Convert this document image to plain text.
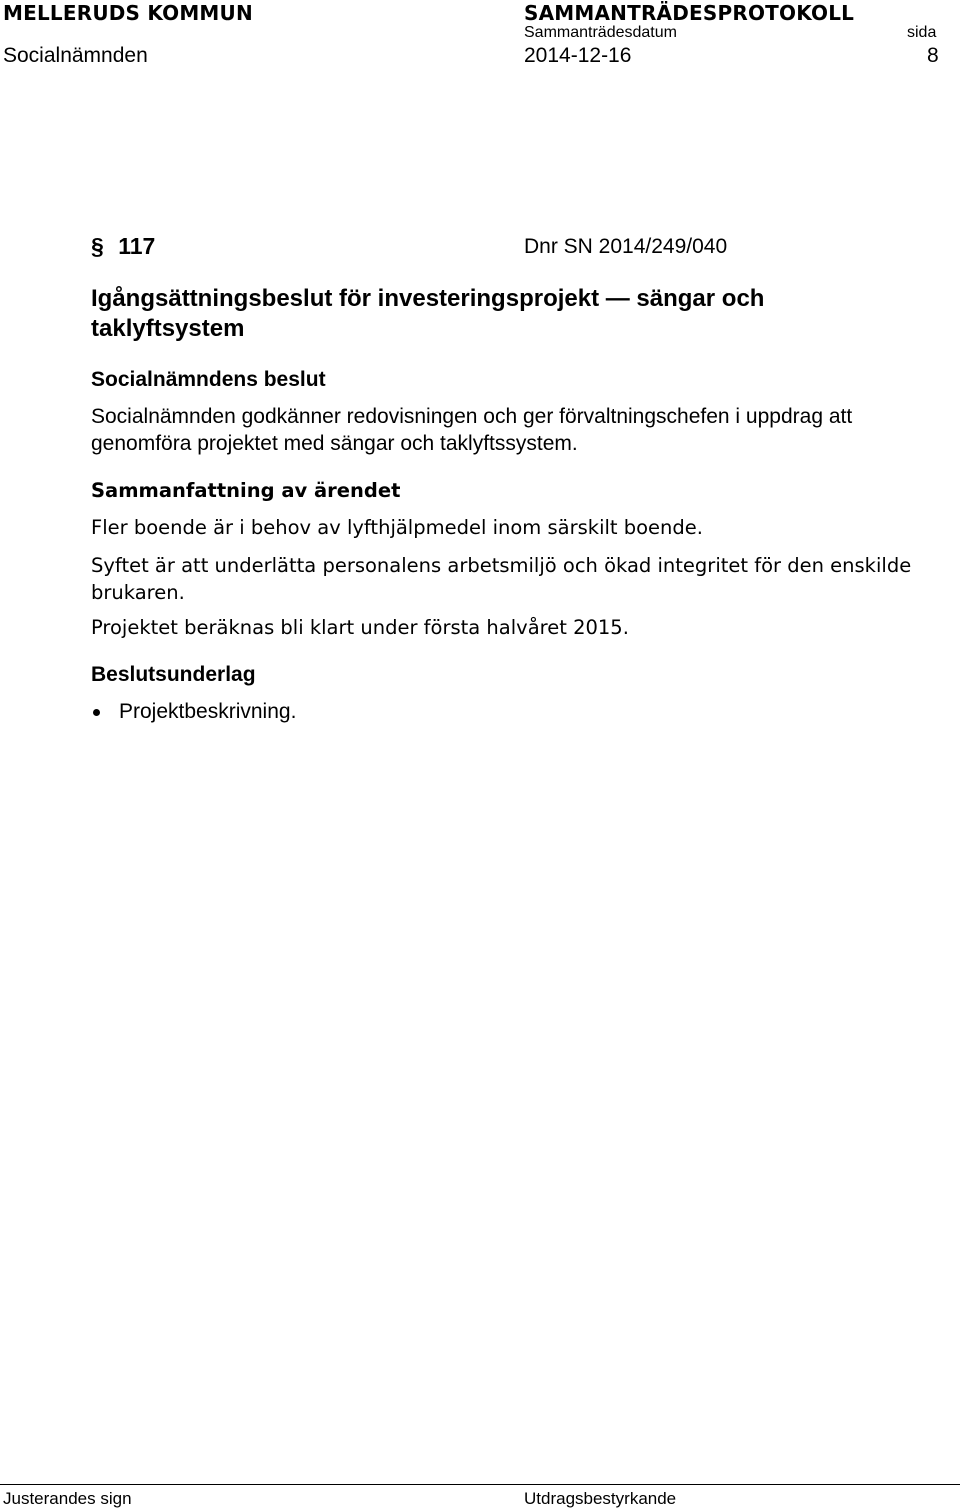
MELLERUDS KOMMUN	SAMMANTRÄDESPROTOKOLL
Socialnämnden
Sammanträdesdatum
2014-12-16
sida
8
§ 117	Dnr SN 2014/249/040
Igångsättningsbeslut för investeringsprojekt — sängar och
taklyftsystem
Socialnämndens beslut
Socialnämnden godkänner redovisningen och ger förvaltningschefen i uppdrag att
genomföra projektet med sängar och taklyftssystem.
Sammanfattning av ärendet
Fler boende är i behov av lyfthjälpmedel inom särskilt boende.
Syftet är att underlätta personalens arbetsmiljö och ökad integritet för den enskilde
brukaren.
Projektet beräknas bli klart under första halvåret 2015.
Beslutsunderlag
Projektbeskrivning.
Justerandes sign	Utdragsbestyrkande
